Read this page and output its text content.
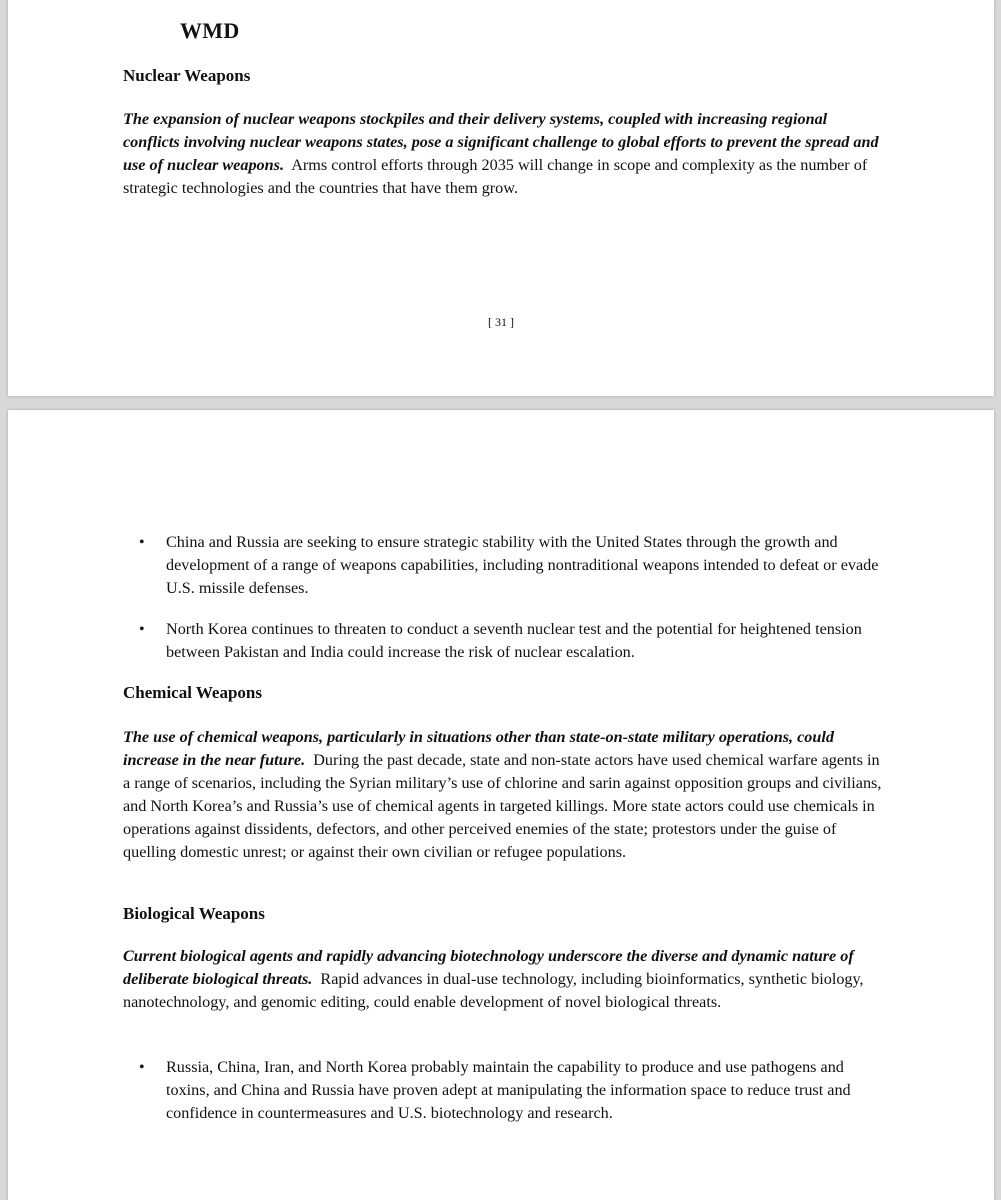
WMD
Nuclear Weapons

The expansion of nuclear weapons stockpiles and their delivery systems, coupled with increasing regional conflicts involving nuclear weapons states, pose a significant challenge to global efforts to prevent the spread and use of nuclear weapons. Arms control efforts through 2035 will change in scope and complexity as the number of strategic technologies and the countries that have them grow.

[ 31 ]
•	China and Russia are seeking to ensure strategic stability with the United States through the growth and development of a range of weapons capabilities, including nontraditional weapons intended to defeat or evade U.S. missile defenses.
•	North Korea continues to threaten to conduct a seventh nuclear test and the potential for heightened tension between Pakistan and India could increase the risk of nuclear escalation.
Chemical Weapons

The use of chemical weapons, particularly in situations other than state-on-state military operations, could increase in the near future. During the past decade, state and non-state actors have used chemical warfare agents in a range of scenarios, including the Syrian military’s use of chlorine and sarin against opposition groups and civilians, and North Korea’s and Russia’s use of chemical agents in targeted killings. More state actors could use chemicals in operations against dissidents, defectors, and other perceived enemies of the state; protestors under the guise of quelling domestic unrest; or against their own civilian or refugee populations.

Biological Weapons

Current biological agents and rapidly advancing biotechnology underscore the diverse and dynamic nature of deliberate biological threats. Rapid advances in dual-use technology, including bioinformatics, synthetic biology, nanotechnology, and genomic editing, could enable development of novel biological threats.

•	Russia, China, Iran, and North Korea probably maintain the capability to produce and use pathogens and toxins, and China and Russia have proven adept at manipulating the information space to reduce trust and confidence in countermeasures and U.S. biotechnology and research.
